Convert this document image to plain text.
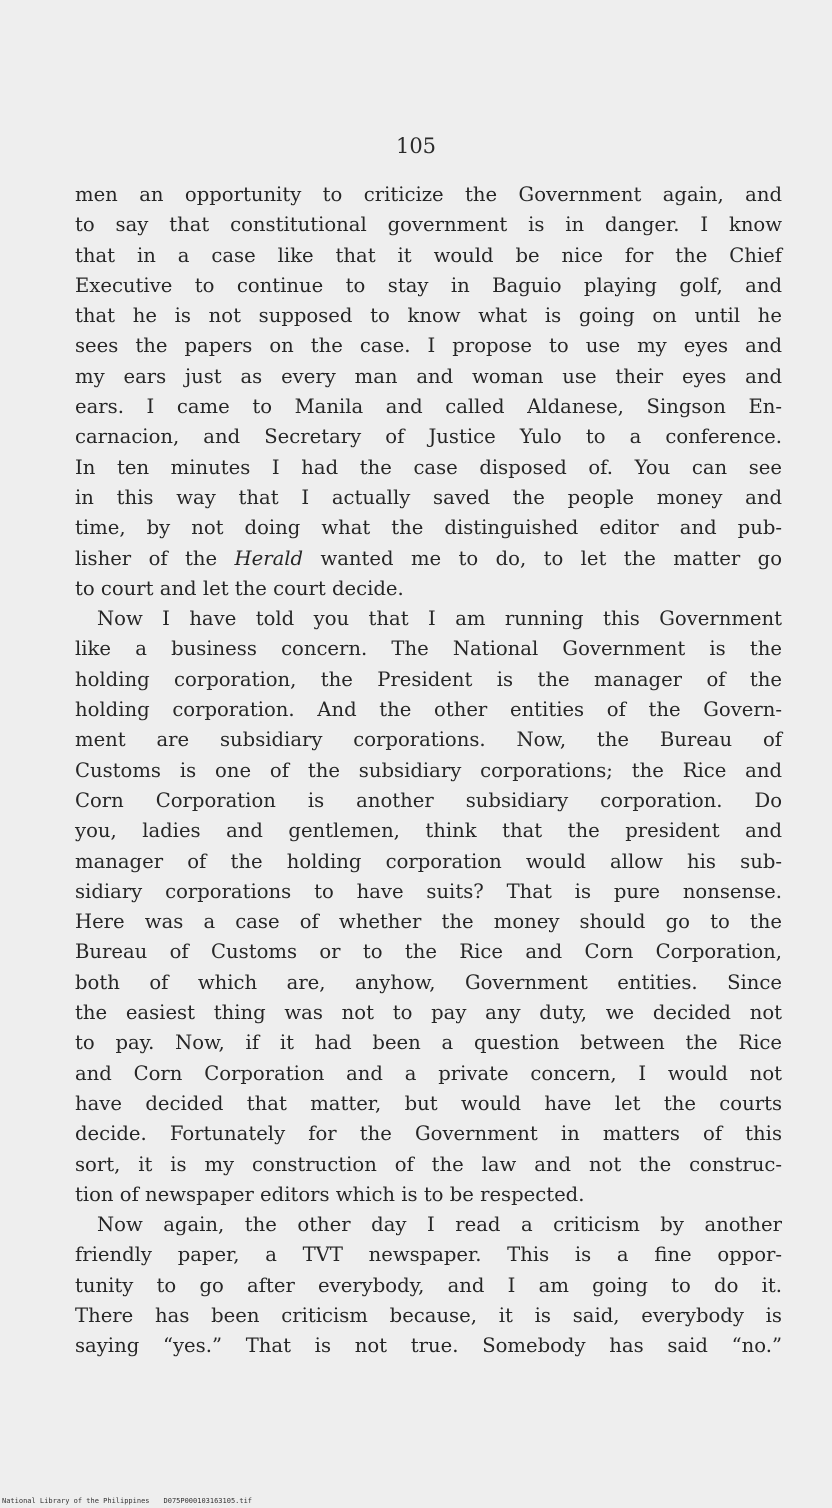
105
men an opportunity to criticize the Government again, and
to say that constitutional government is in danger. I know
that in a case like that it would be nice for the Chief
Executive to continue to stay in Baguio playing golf, and
that he is not supposed to know what is going on until he
sees the papers on the case. I propose to use my eyes and
my ears just as every man and woman use their eyes and
ears. I came to Manila and called Aldanese, Singson En-
carnacion, and Secretary of Justice Yulo to a conference.
In ten minutes I had the case disposed of. You can see
in this way that I actually saved the people money and
time, by not doing what the distinguished editor and pub-
lisher of the Herald wanted me to do, to let the matter go
to court and let the court decide.
Now I have told you that I am running this Government
like a business concern. The National Government is the
holding corporation, the President is the manager of the
holding corporation. And the other entities of the Govern-
ment are subsidiary corporations. Now, the Bureau of
Customs is one of the subsidiary corporations; the Rice and
Corn Corporation is another subsidiary corporation. Do
you, ladies and gentlemen, think that the president and
manager of the holding corporation would allow his sub-
sidiary corporations to have suits? That is pure nonsense.
Here was a case of whether the money should go to the
Bureau of Customs or to the Rice and Corn Corporation,
both of which are, anyhow, Government entities. Since
the easiest thing was not to pay any duty, we decided not
to pay. Now, if it had been a question between the Rice
and Corn Corporation and a private concern, I would not
have decided that matter, but would have let the courts
decide. Fortunately for the Government in matters of this
sort, it is my construction of the law and not the construc-
tion of newspaper editors which is to be respected.
Now again, the other day I read a criticism by another
friendly paper, a TVT newspaper. This is a fine oppor-
tunity to go after everybody, and I am going to do it.
There has been criticism because, it is said, everybody is
saying “yes.” That is not true. Somebody has said “no.”
National Library of the Philippines D075P000103163105.tif
